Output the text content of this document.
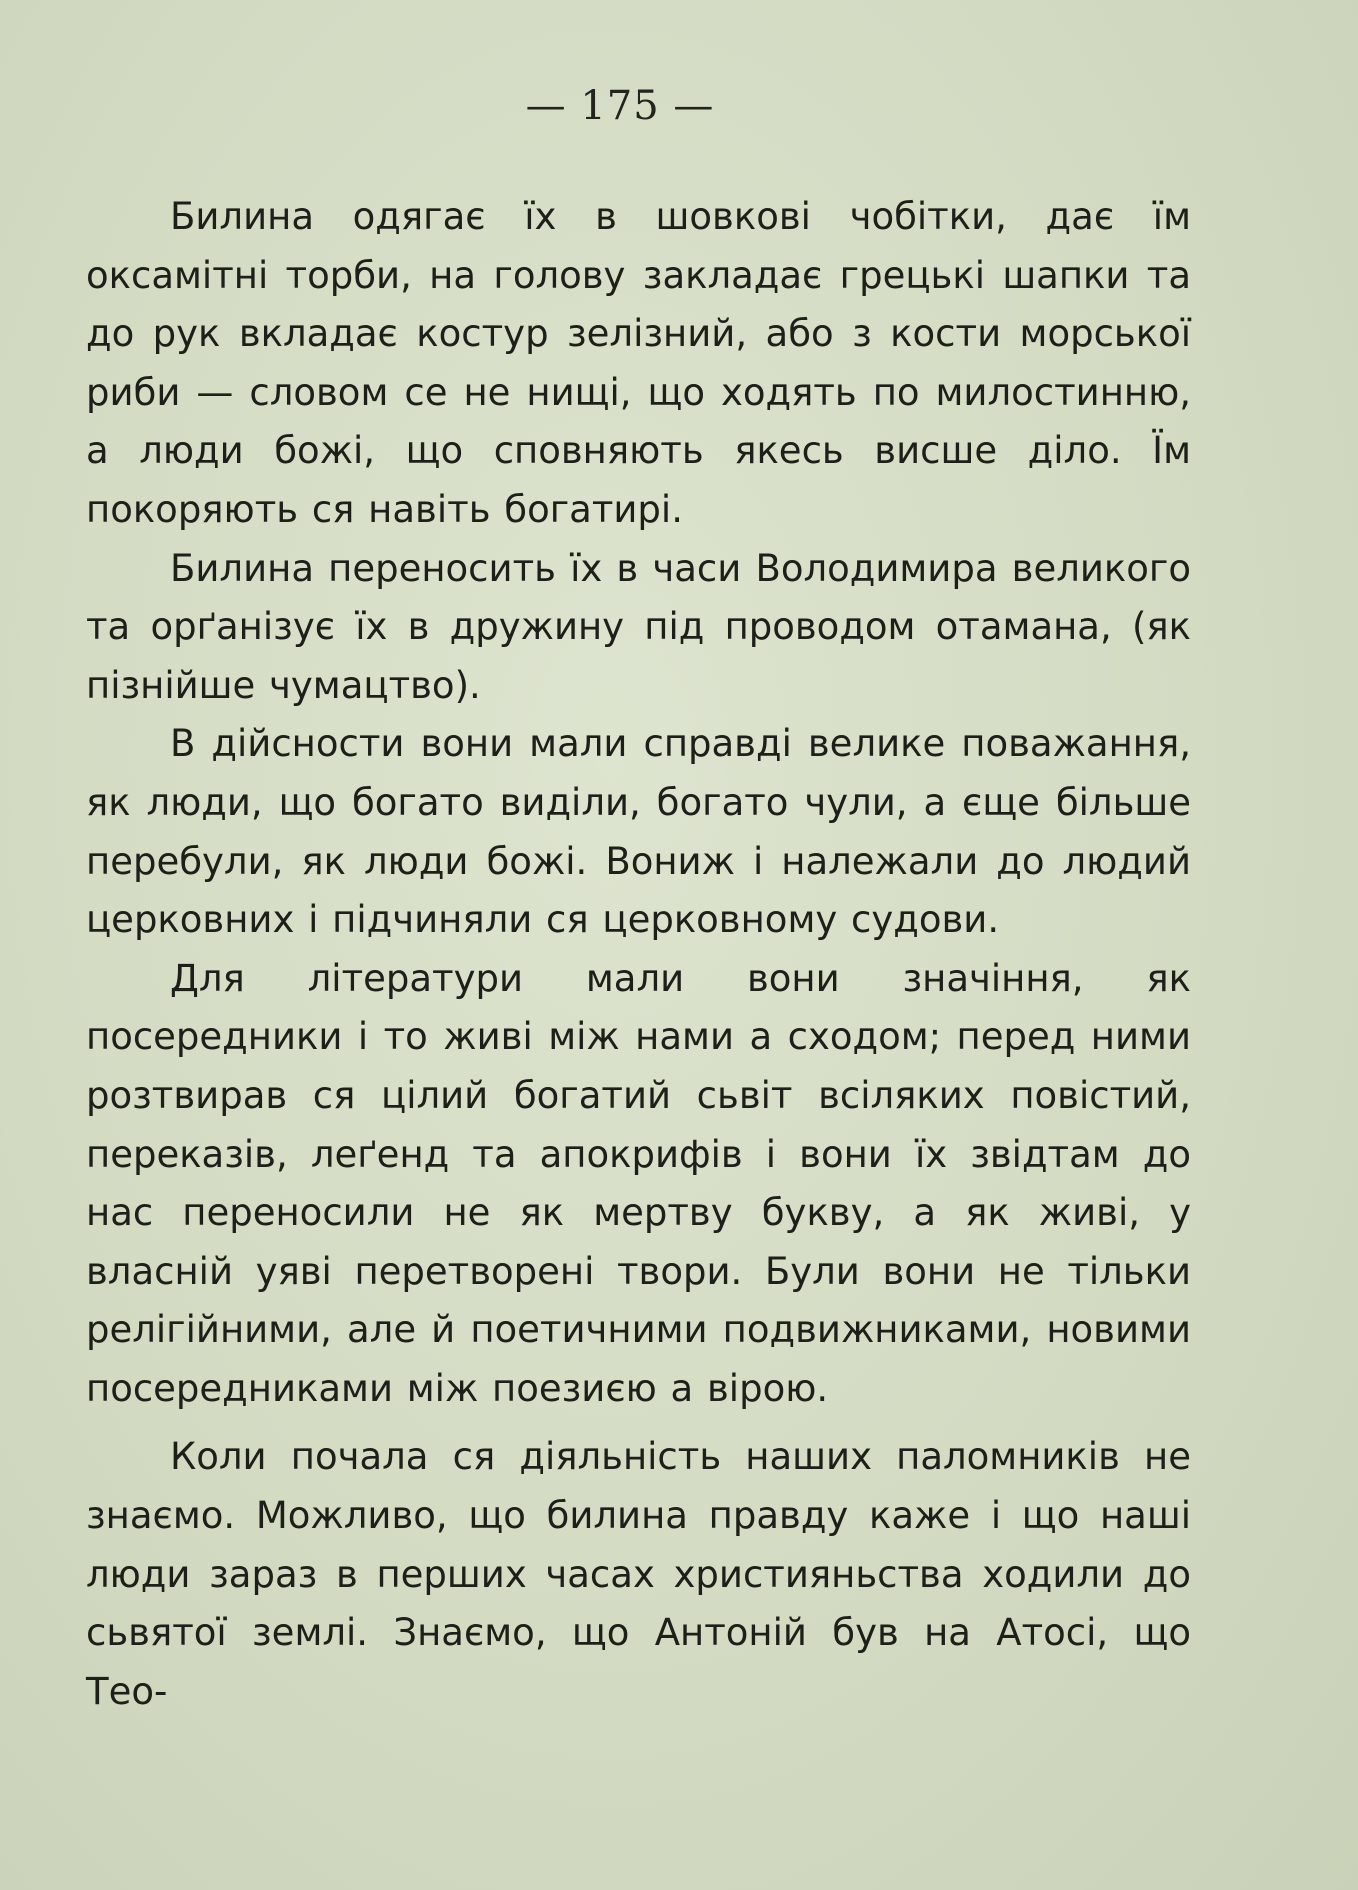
— 175 —

Билина одягає їх в шовкові чобітки, дає їм оксамітні торби, на голову закладає грецькі шапки та до рук вкладає костур зелізний, або з кости морської риби — словом се не нищі, що ходять по милостинню, а люди божі, що сповняють якесь висше діло. Їм покоряють ся навіть богатирі.

Билина переносить їх в часи Володимира великого та орґанізує їх в дружину під проводом отамана, (як пізнійше чумацтво).

В дійсности вони мали справді велике поважання, як люди, що богато виділи, богато чули, а єще більше перебули, як люди божі. Вониж і належали до людий церковних і підчиняли ся церковному судови.

Для літератури мали вони значіння, як посередники і то живі між нами а сходом; перед ними розтвирав ся цілий богатий сьвіт всіляких повістий, переказів, леґенд та апокрифів і вони їх звідтам до нас переносили не як мертву букву, а як живі, у власній уяві перетворені твори. Були вони не тільки релігійними, але й поетичними подвижниками, новими посередниками між поезиєю а вірою.

Коли почала ся діяльність наших паломників не знаємо. Можливо, що билина правду каже і що наші люди зараз в перших часах християньства ходили до сьвятої землі. Знаємо, що Антоній був на Атосі, що Тео-
